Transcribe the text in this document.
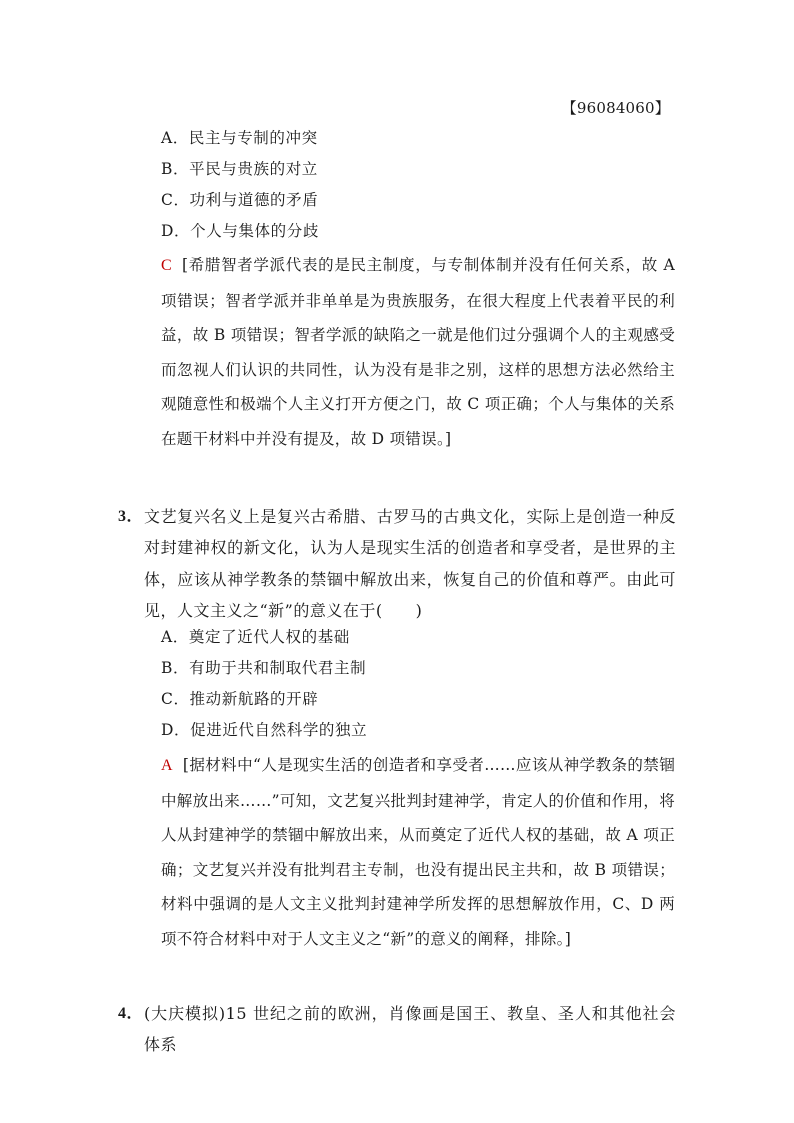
【96084060】
A．民主与专制的冲突
B．平民与贵族的对立
C．功利与道德的矛盾
D．个人与集体的分歧
C [希腊智者学派代表的是民主制度，与专制体制并没有任何关系，故 A 项错误；智者学派并非单单是为贵族服务，在很大程度上代表着平民的利益，故 B 项错误；智者学派的缺陷之一就是他们过分强调个人的主观感受而忽视人们认识的共同性，认为没有是非之别，这样的思想方法必然给主观随意性和极端个人主义打开方便之门，故 C 项正确；个人与集体的关系在题干材料中并没有提及，故 D 项错误。]
3． 文艺复兴名义上是复兴古希腊、古罗马的古典文化，实际上是创造一种反对封建神权的新文化，认为人是现实生活的创造者和享受者，是世界的主体，应该从神学教条的禁锢中解放出来，恢复自己的价值和尊严。由此可见，人文主义之“新”的意义在于(　　)
A．奠定了近代人权的基础
B．有助于共和制取代君主制
C．推动新航路的开辟
D．促进近代自然科学的独立
A [据材料中“人是现实生活的创造者和享受者……应该从神学教条的禁锢中解放出来……”可知，文艺复兴批判封建神学，肯定人的价值和作用，将人从封建神学的禁锢中解放出来，从而奠定了近代人权的基础，故 A 项正确；文艺复兴并没有批判君主专制，也没有提出民主共和，故 B 项错误；材料中强调的是人文主义批判封建神学所发挥的思想解放作用，C、D 两项不符合材料中对于人文主义之“新”的意义的阐释，排除。]
4． (大庆模拟)15 世纪之前的欧洲，肖像画是国王、教皇、圣人和其他社会体系
